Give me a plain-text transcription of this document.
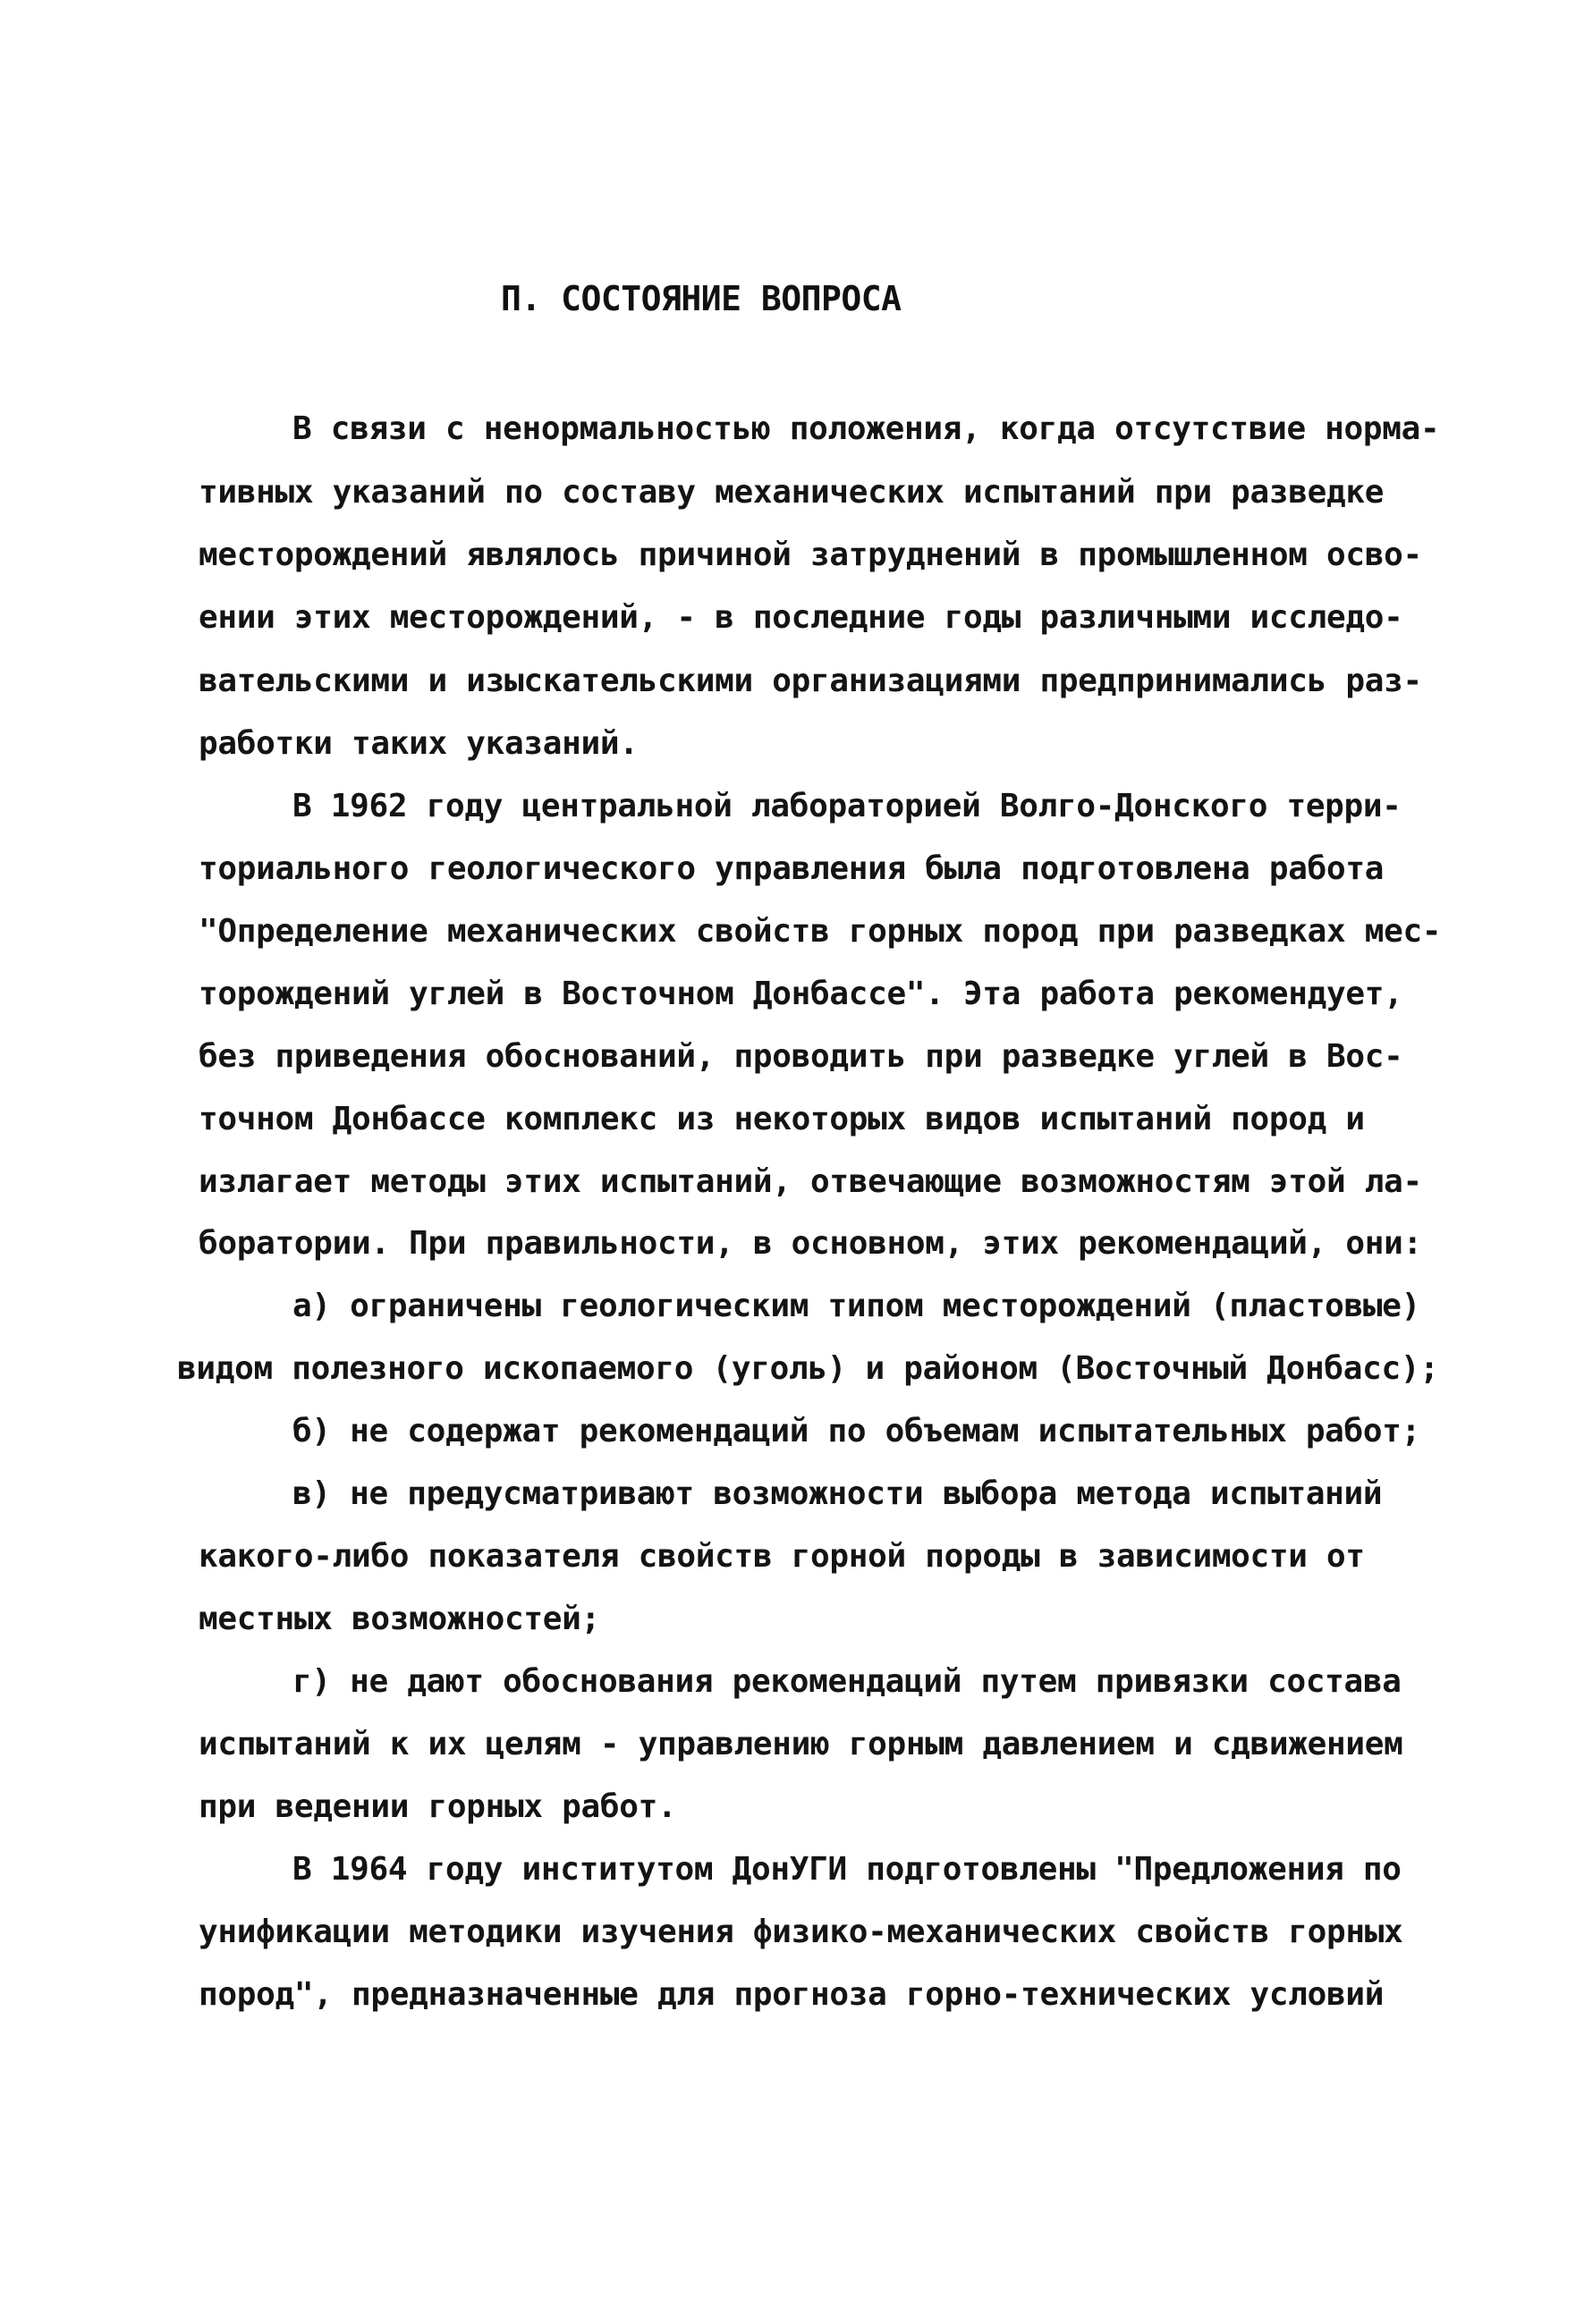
П. СОСТОЯНИЕ ВОПРОСА
В связи с ненормальностью положения, когда отсутствие норма-
тивных указаний по составу механических испытаний при разведке
месторождений являлось причиной затруднений в промышленном осво-
ении этих месторождений, - в последние годы различными исследо-
вательскими и изыскательскими организациями предпринимались раз-
работки таких указаний.
В 1962 году центральной лабораторией Волго-Донского терри-
ториального геологического управления была подготовлена работа
"Определение механических свойств горных пород при разведках мес-
торождений углей в Восточном Донбассе". Эта работа рекомендует,
без приведения обоснований, проводить при разведке углей в Вос-
точном Донбассе комплекс из некоторых видов испытаний пород и
излагает методы этих испытаний, отвечающие возможностям этой ла-
боратории. При правильности, в основном, этих рекомендаций, они:
а) ограничены геологическим типом месторождений (пластовые)
видом полезного ископаемого (уголь) и районом (Восточный Донбасс);
б) не содержат рекомендаций по объемам испытательных работ;
в) не предусматривают возможности выбора метода испытаний
какого-либо показателя свойств горной породы в зависимости от
местных возможностей;
г) не дают обоснования рекомендаций путем привязки состава
испытаний к их целям - управлению горным давлением и сдвижением
при ведении горных работ.
В 1964 году институтом ДонУГИ подготовлены "Предложения по
унификации методики изучения физико-механических свойств горных
пород", предназначенные для прогноза горно-технических условий
